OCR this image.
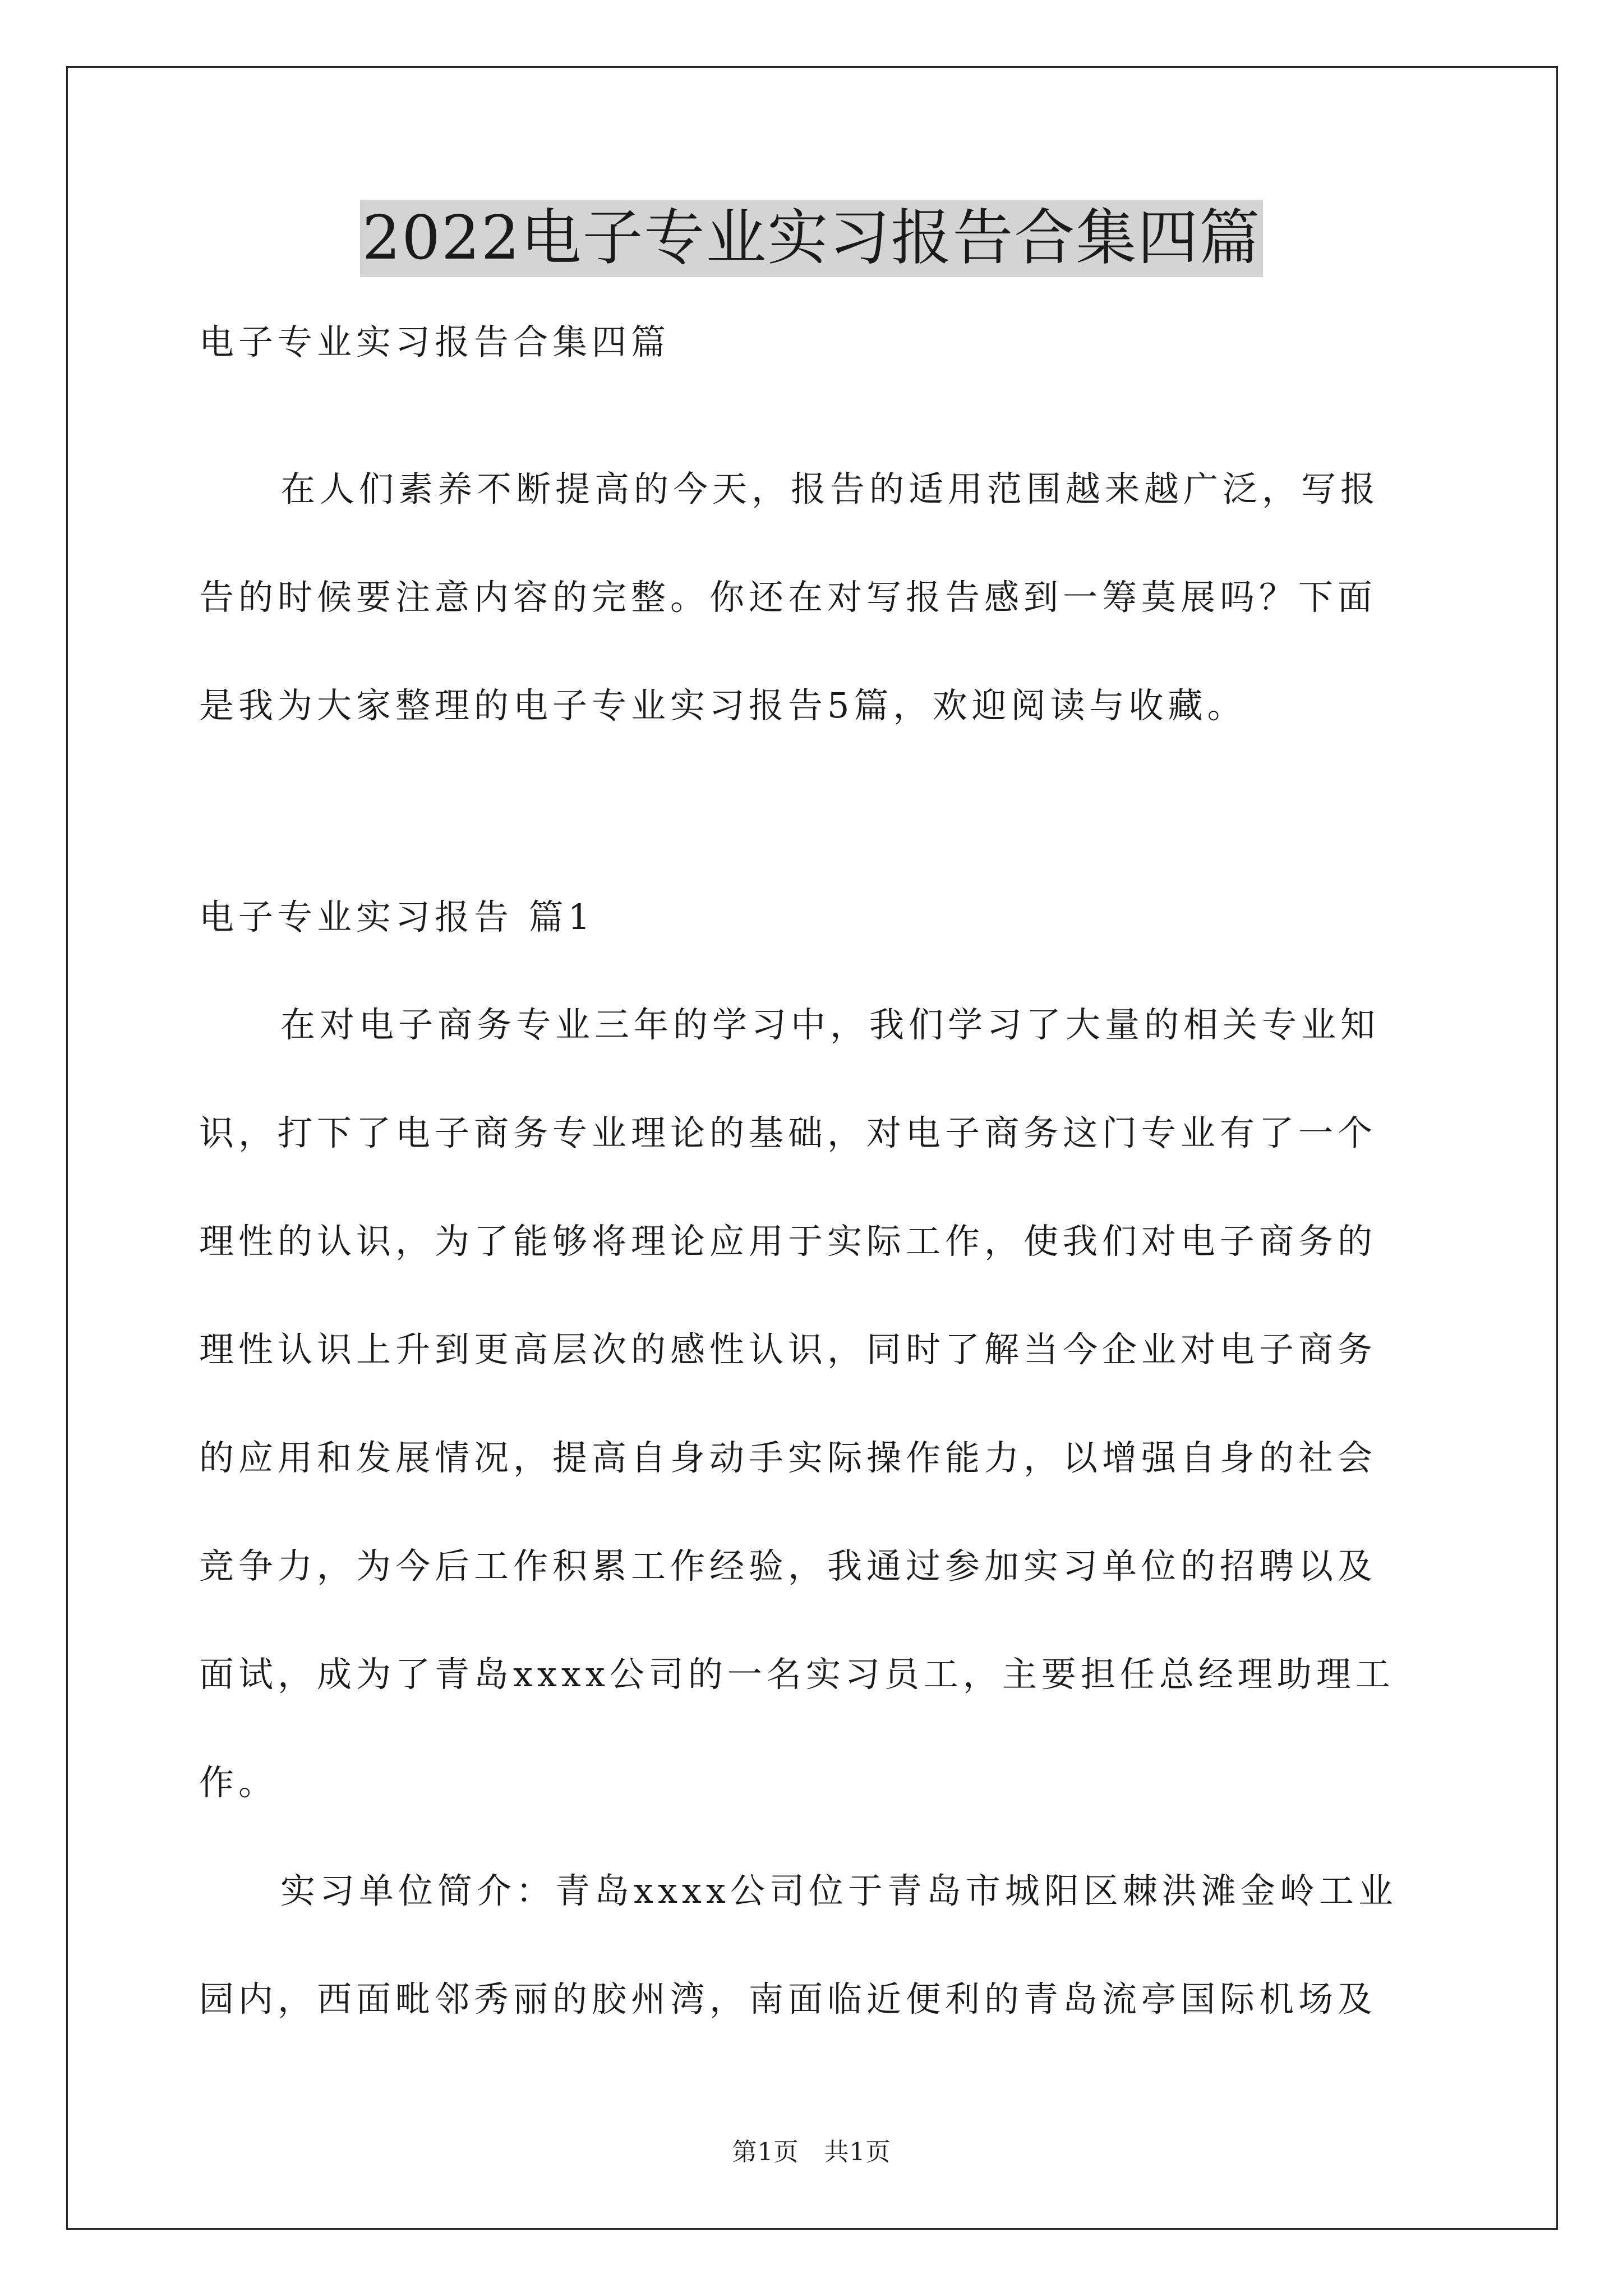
2022电子专业实习报告合集四篇
电子专业实习报告合集四篇
在人们素养不断提高的今天，报告的适用范围越来越广泛，写报
告的时候要注意内容的完整。你还在对写报告感到一筹莫展吗？下面
是我为大家整理的电子专业实习报告5篇，欢迎阅读与收藏。
电子专业实习报告 篇1
在对电子商务专业三年的学习中，我们学习了大量的相关专业知
识，打下了电子商务专业理论的基础，对电子商务这门专业有了一个
理性的认识，为了能够将理论应用于实际工作，使我们对电子商务的
理性认识上升到更高层次的感性认识，同时了解当今企业对电子商务
的应用和发展情况，提高自身动手实际操作能力，以增强自身的社会
竞争力，为今后工作积累工作经验，我通过参加实习单位的招聘以及
面试，成为了青岛xxxx公司的一名实习员工，主要担任总经理助理工
作。
实习单位简介：青岛xxxx公司位于青岛市城阳区棘洪滩金岭工业
园内，西面毗邻秀丽的胶州湾，南面临近便利的青岛流亭国际机场及
第1页　共1页
